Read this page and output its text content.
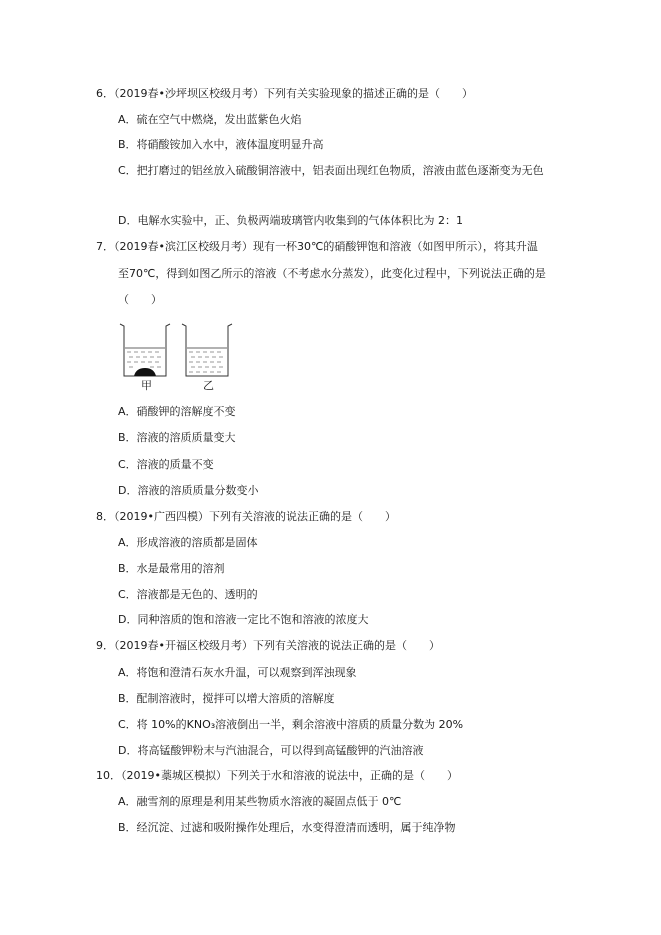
6．（2019春•沙坪坝区校级月考）下列有关实验现象的描述正确的是（　　）
A．硫在空气中燃烧，发出蓝紫色火焰
B．将硝酸铵加入水中，液体温度明显升高
C．把打磨过的铝丝放入硫酸铜溶液中，铝表面出现红色物质，溶液由蓝色逐渐变为无色
D．电解水实验中，正、负极两端玻璃管内收集到的气体体积比为 2：1
7．（2019春•滨江区校级月考）现有一杯30℃的硝酸钾饱和溶液（如图甲所示），将其升温
至70℃，得到如图乙所示的溶液（不考虑水分蒸发），此变化过程中，下列说法正确的是
（　　）
甲	乙
A．硝酸钾的溶解度不变
B．溶液的溶质质量变大
C．溶液的质量不变
D．溶液的溶质质量分数变小
8．（2019•广西四模）下列有关溶液的说法正确的是（　　）
A．形成溶液的溶质都是固体
B．水是最常用的溶剂
C．溶液都是无色的、透明的
D．同种溶质的饱和溶液一定比不饱和溶液的浓度大
9．（2019春•开福区校级月考）下列有关溶液的说法正确的是（　　）
A．将饱和澄清石灰水升温，可以观察到浑浊现象
B．配制溶液时，搅拌可以增大溶质的溶解度
C．将 10%的KNO₃溶液倒出一半，剩余溶液中溶质的质量分数为 20%
D．将高锰酸钾粉末与汽油混合，可以得到高锰酸钾的汽油溶液
10．（2019•藁城区模拟）下列关于水和溶液的说法中，正确的是（　　）
A．融雪剂的原理是利用某些物质水溶液的凝固点低于 0℃
B．经沉淀、过滤和吸附操作处理后，水变得澄清而透明，属于纯净物
